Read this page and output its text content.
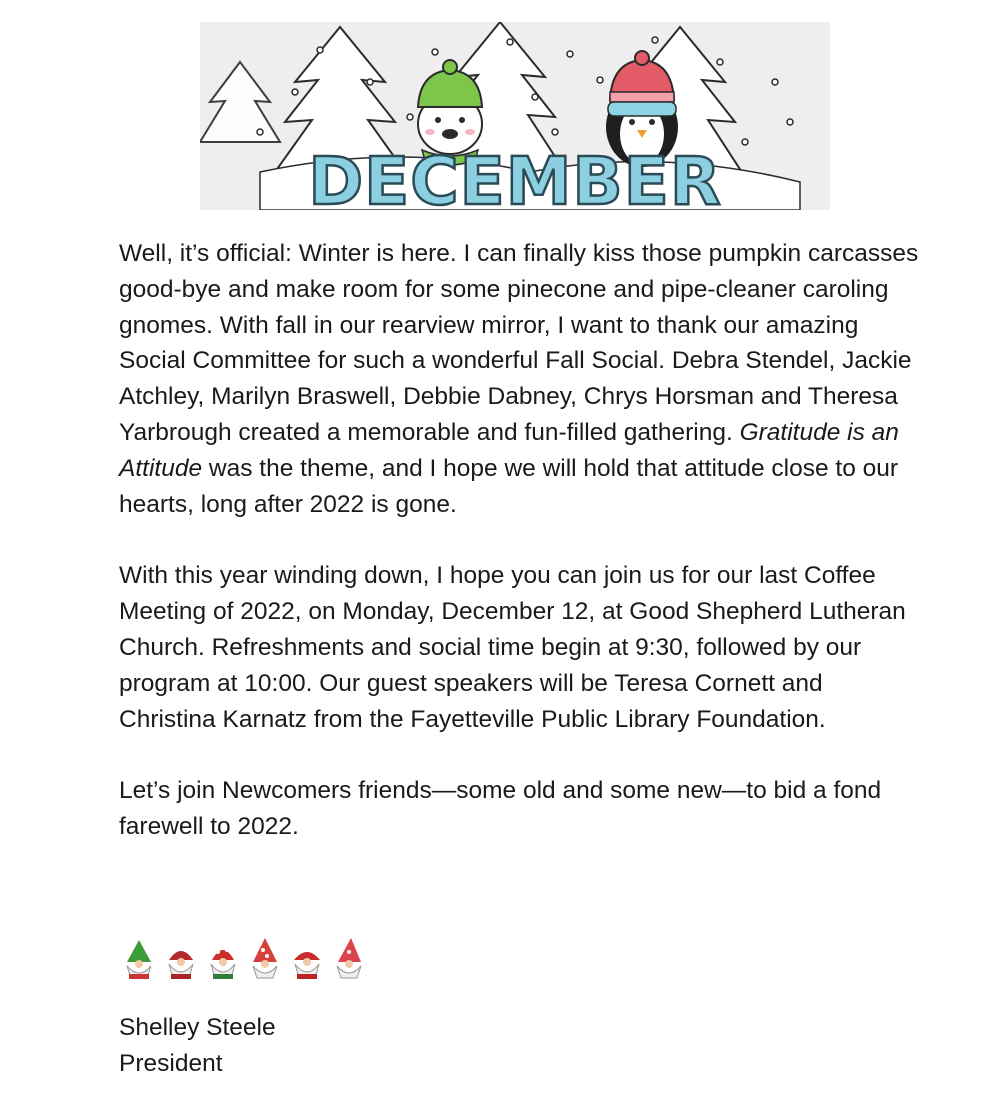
DECEMBER

Well, it’s official: Winter is here. I can finally kiss those pumpkin carcasses good-bye and make room for some pinecone and pipe-cleaner caroling gnomes. With fall in our rearview mirror, I want to thank our amazing Social Committee for such a wonderful Fall Social. Debra Stendel, Jackie Atchley, Marilyn Braswell, Debbie Dabney, Chrys Horsman and Theresa Yarbrough created a memorable and fun-filled gathering. Gratitude is an Attitude was the theme, and I hope we will hold that attitude close to our hearts, long after 2022 is gone.

With this year winding down, I hope you can join us for our last Coffee Meeting of 2022, on Monday, December 12, at Good Shepherd Lutheran Church. Refreshments and social time begin at 9:30, followed by our program at 10:00. Our guest speakers will be Teresa Cornett and Christina Karnatz from the Fayetteville Public Library Foundation.

Let’s join Newcomers friends—some old and some new—to bid a fond farewell to 2022.

Shelley Steele
President
